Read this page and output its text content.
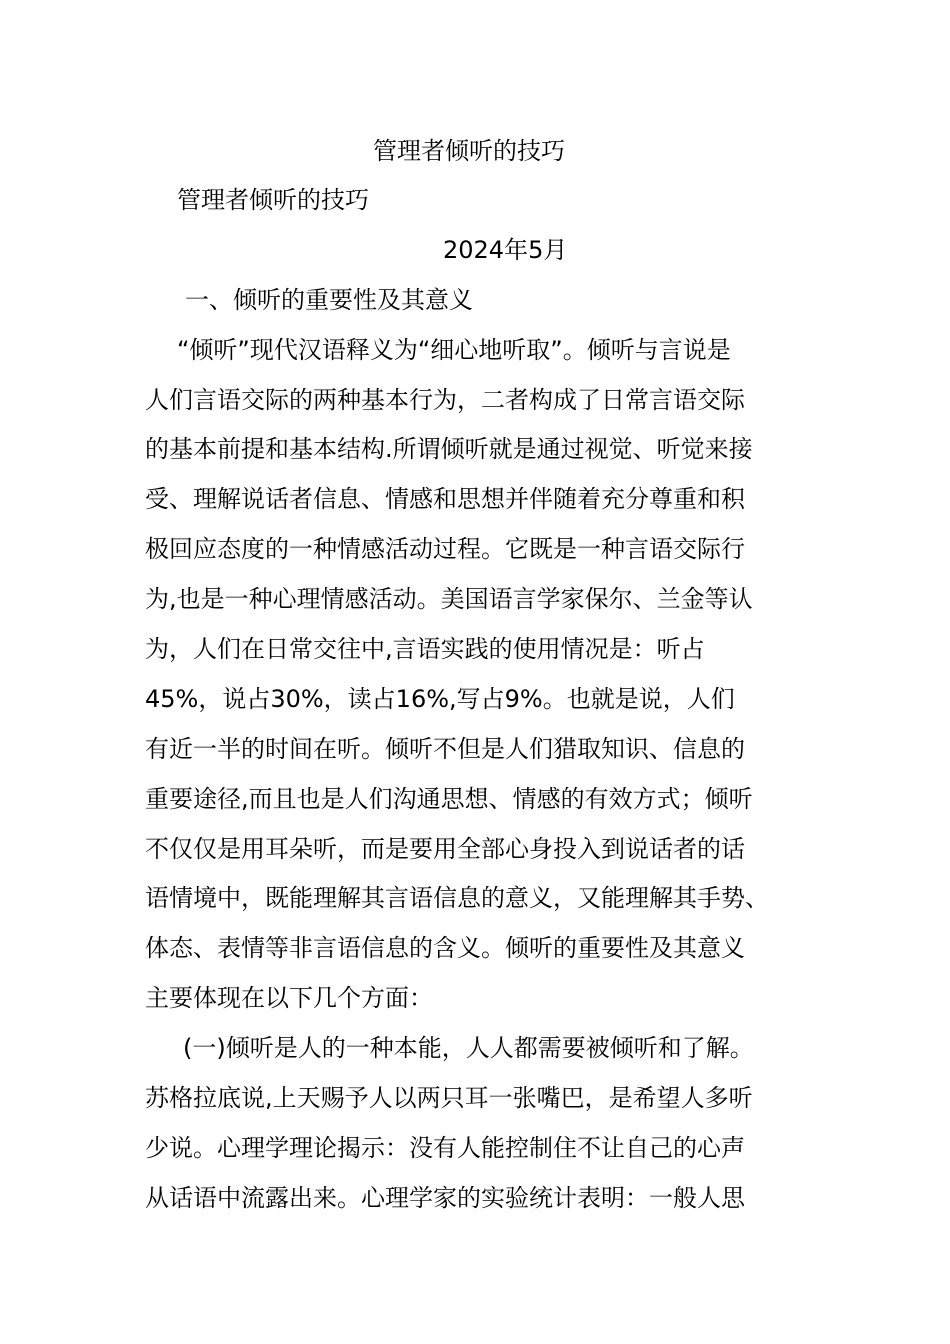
管理者倾听的技巧
管理者倾听的技巧
2024年5月
一、倾听的重要性及其意义
“倾听”现代汉语释义为“细心地听取”。倾听与言说是
人们言语交际的两种基本行为，二者构成了日常言语交际
的基本前提和基本结构.所谓倾听就是通过视觉、听觉来接
受、理解说话者信息、情感和思想并伴随着充分尊重和积
极回应态度的一种情感活动过程。它既是一种言语交际行
为,也是一种心理情感活动。美国语言学家保尔、兰金等认
为，人们在日常交往中,言语实践的使用情况是：听占
45%，说占30%，读占16%,写占9%。也就是说，人们
有近一半的时间在听。倾听不但是人们猎取知识、信息的
重要途径,而且也是人们沟通思想、情感的有效方式；倾听
不仅仅是用耳朵听，而是要用全部心身投入到说话者的话
语情境中，既能理解其言语信息的意义，又能理解其手势、
体态、表情等非言语信息的含义。倾听的重要性及其意义
主要体现在以下几个方面：
(一)倾听是人的一种本能，人人都需要被倾听和了解。
苏格拉底说,上天赐予人以两只耳一张嘴巴，是希望人多听
少说。心理学理论揭示：没有人能控制住不让自己的心声
从话语中流露出来。心理学家的实验统计表明：一般人思
